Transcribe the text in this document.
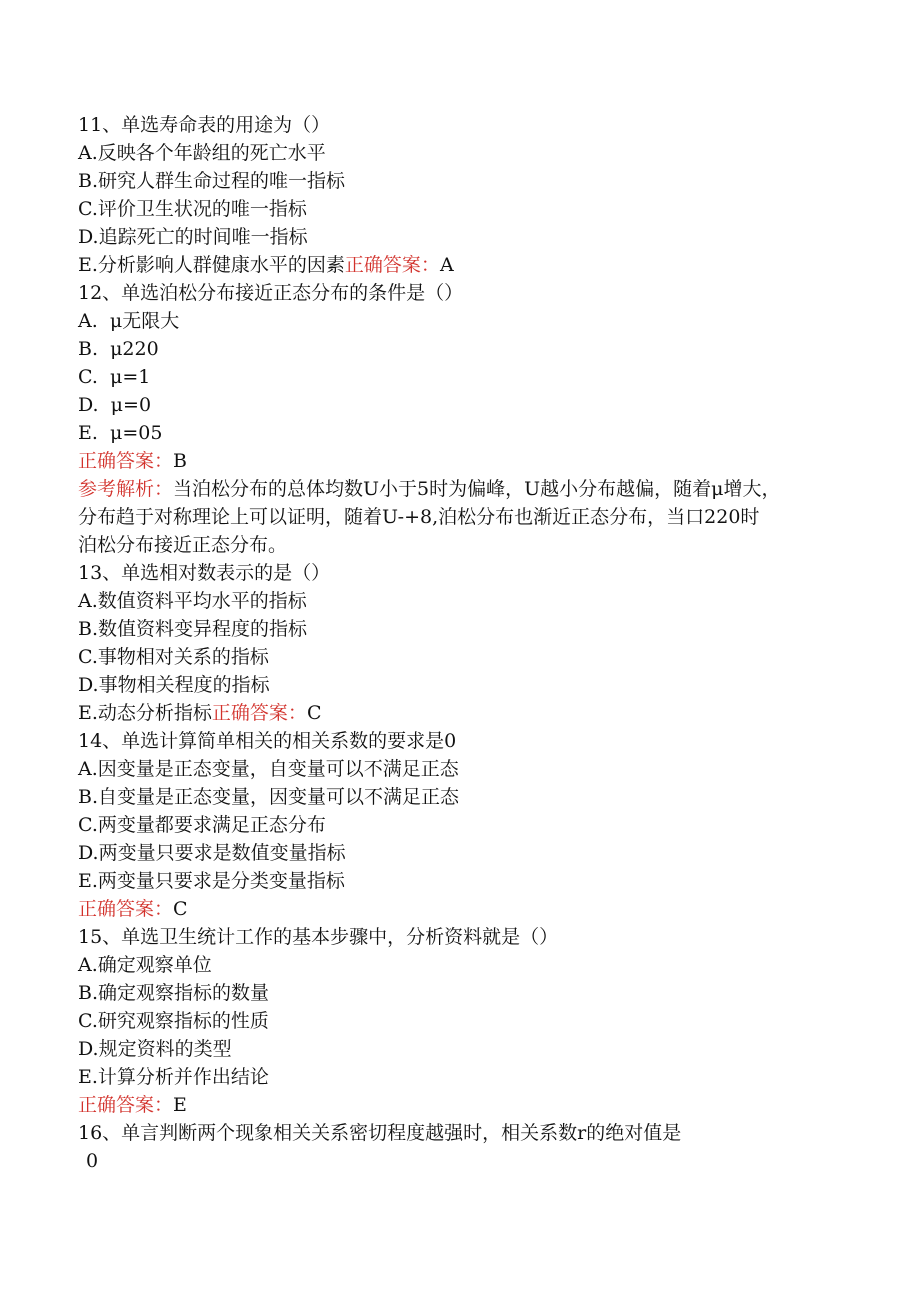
11、单选寿命表的用途为（）
A.反映各个年龄组的死亡水平
B.研究人群生命过程的唯一指标
C.评价卫生状况的唯一指标
D.追踪死亡的时间唯一指标
E.分析影响人群健康水平的因素正确答案：A
12、单选泊松分布接近正态分布的条件是（）
A.  μ无限大
B.  μ220
C.  μ=1
D.  μ=0
E.  μ=05
正确答案：B
参考解析：当泊松分布的总体均数U小于5时为偏峰，U越小分布越偏，随着μ增大，
分布趋于对称理论上可以证明，随着U-+8,泊松分布也渐近正态分布，当口220时
泊松分布接近正态分布。
13、单选相对数表示的是（）
A.数值资料平均水平的指标
B.数值资料变异程度的指标
C.事物相对关系的指标
D.事物相关程度的指标
E.动态分析指标正确答案：C
14、单选计算简单相关的相关系数的要求是0
A.因变量是正态变量，自变量可以不满足正态
B.自变量是正态变量，因变量可以不满足正态
C.两变量都要求满足正态分布
D.两变量只要求是数值变量指标
E.两变量只要求是分类变量指标
正确答案：C
15、单选卫生统计工作的基本步骤中，分析资料就是（）
A.确定观察单位
B.确定观察指标的数量
C.研究观察指标的性质
D.规定资料的类型
E.计算分析并作出结论
正确答案：E
16、单言判断两个现象相关关系密切程度越强时，相关系数r的绝对值是
0
